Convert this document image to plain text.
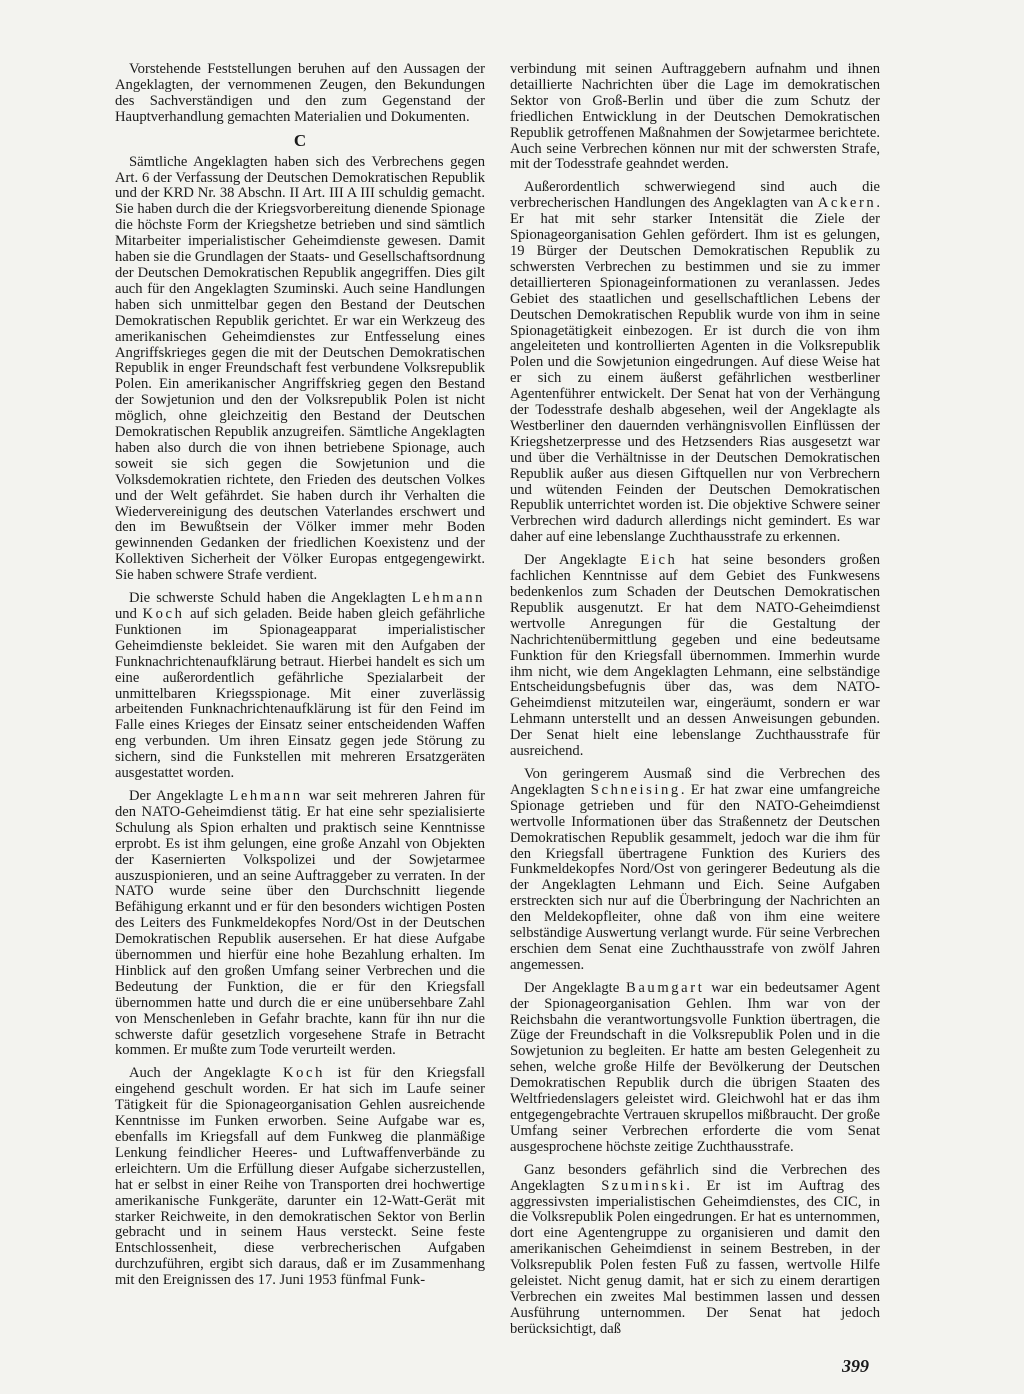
Vorstehende Feststellungen beruhen auf den Aussagen der Angeklagten, der vernommenen Zeugen, den Bekundungen des Sachverständigen und den zum Gegenstand der Hauptverhandlung gemachten Materialien und Dokumenten.

C

Sämtliche Angeklagten haben sich des Verbrechens gegen Art. 6 der Verfassung der Deutschen Demokratischen Republik und der KRD Nr. 38 Abschn. II Art. III A III schuldig gemacht. Sie haben durch die der Kriegsvorbereitung dienende Spionage die höchste Form der Kriegshetze betrieben und sind sämtlich Mitarbeiter imperialistischer Geheimdienste gewesen. Damit haben sie die Grundlagen der Staats- und Gesellschaftsordnung der Deutschen Demokratischen Republik angegriffen. Dies gilt auch für den Angeklagten Szuminski. Auch seine Handlungen haben sich unmittelbar gegen den Bestand der Deutschen Demokratischen Republik gerichtet. Er war ein Werkzeug des amerikanischen Geheimdienstes zur Entfesselung eines Angriffskrieges gegen die mit der Deutschen Demokratischen Republik in enger Freundschaft fest verbundene Volksrepublik Polen. Ein amerikanischer Angriffskrieg gegen den Bestand der Sowjetunion und den der Volksrepublik Polen ist nicht möglich, ohne gleichzeitig den Bestand der Deutschen Demokratischen Republik anzugreifen. Sämtliche Angeklagten haben also durch die von ihnen betriebene Spionage, auch soweit sie sich gegen die Sowjetunion und die Volksdemokratien richtete, den Frieden des deutschen Volkes und der Welt gefährdet. Sie haben durch ihr Verhalten die Wiedervereinigung des deutschen Vaterlandes erschwert und den im Bewußtsein der Völker immer mehr Boden gewinnenden Gedanken der friedlichen Koexistenz und der Kollektiven Sicherheit der Völker Europas entgegengewirkt. Sie haben schwere Strafe verdient.

Die schwerste Schuld haben die Angeklagten Lehmann und Koch auf sich geladen. Beide haben gleich gefährliche Funktionen im Spionageapparat imperialistischer Geheimdienste bekleidet. Sie waren mit den Aufgaben der Funknachrichtenaufklärung betraut. Hierbei handelt es sich um eine außerordentlich gefährliche Spezialarbeit der unmittelbaren Kriegsspionage. Mit einer zuverlässig arbeitenden Funknachrichtenaufklärung ist für den Feind im Falle eines Krieges der Einsatz seiner entscheidenden Waffen eng verbunden. Um ihren Einsatz gegen jede Störung zu sichern, sind die Funkstellen mit mehreren Ersatzgeräten ausgestattet worden.

Der Angeklagte Lehmann war seit mehreren Jahren für den NATO-Geheimdienst tätig. Er hat eine sehr spezialisierte Schulung als Spion erhalten und praktisch seine Kenntnisse erprobt. Es ist ihm gelungen, eine große Anzahl von Objekten der Kasernierten Volkspolizei und der Sowjetarmee auszuspionieren, und an seine Auftraggeber zu verraten. In der NATO wurde seine über den Durchschnitt liegende Befähigung erkannt und er für den besonders wichtigen Posten des Leiters des Funkmeldekopfes Nord/Ost in der Deutschen Demokratischen Republik ausersehen. Er hat diese Aufgabe übernommen und hierfür eine hohe Bezahlung erhalten. Im Hinblick auf den großen Umfang seiner Verbrechen und die Bedeutung der Funktion, die er für den Kriegsfall übernommen hatte und durch die er eine unübersehbare Zahl von Menschenleben in Gefahr brachte, kann für ihn nur die schwerste dafür gesetzlich vorgesehene Strafe in Betracht kommen. Er mußte zum Tode verurteilt werden.

Auch der Angeklagte Koch ist für den Kriegsfall eingehend geschult worden. Er hat sich im Laufe seiner Tätigkeit für die Spionageorganisation Gehlen ausreichende Kenntnisse im Funken erworben. Seine Aufgabe war es, ebenfalls im Kriegsfall auf dem Funkweg die planmäßige Lenkung feindlicher Heeres- und Luftwaffenverbände zu erleichtern. Um die Erfüllung dieser Aufgabe sicherzustellen, hat er selbst in einer Reihe von Transporten drei hochwertige amerikanische Funkgeräte, darunter ein 12-Watt-Gerät mit starker Reichweite, in den demokratischen Sektor von Berlin gebracht und in seinem Haus versteckt. Seine feste Entschlossenheit, diese verbrecherischen Aufgaben durchzuführen, ergibt sich daraus, daß er im Zusammenhang mit den Ereignissen des 17. Juni 1953 fünfmal Funk-

verbindung mit seinen Auftraggebern aufnahm und ihnen detaillierte Nachrichten über die Lage im demokratischen Sektor von Groß-Berlin und über die zum Schutz der friedlichen Entwicklung in der Deutschen Demokratischen Republik getroffenen Maßnahmen der Sowjetarmee berichtete. Auch seine Verbrechen können nur mit der schwersten Strafe, mit der Todesstrafe geahndet werden.

Außerordentlich schwerwiegend sind auch die verbrecherischen Handlungen des Angeklagten van Ackern. Er hat mit sehr starker Intensität die Ziele der Spionageorganisation Gehlen gefördert. Ihm ist es gelungen, 19 Bürger der Deutschen Demokratischen Republik zu schwersten Verbrechen zu bestimmen und sie zu immer detaillierteren Spionageinformationen zu veranlassen. Jedes Gebiet des staatlichen und gesellschaftlichen Lebens der Deutschen Demokratischen Republik wurde von ihm in seine Spionagetätigkeit einbezogen. Er ist durch die von ihm angeleiteten und kontrollierten Agenten in die Volksrepublik Polen und die Sowjetunion eingedrungen. Auf diese Weise hat er sich zu einem äußerst gefährlichen westberliner Agentenführer entwickelt. Der Senat hat von der Verhängung der Todesstrafe deshalb abgesehen, weil der Angeklagte als Westberliner den dauernden verhängnisvollen Einflüssen der Kriegshetzerpresse und des Hetzsenders Rias ausgesetzt war und über die Verhältnisse in der Deutschen Demokratischen Republik außer aus diesen Giftquellen nur von Verbrechern und wütenden Feinden der Deutschen Demokratischen Republik unterrichtet worden ist. Die objektive Schwere seiner Verbrechen wird dadurch allerdings nicht gemindert. Es war daher auf eine lebenslange Zuchthausstrafe zu erkennen.

Der Angeklagte Eich hat seine besonders großen fachlichen Kenntnisse auf dem Gebiet des Funkwesens bedenkenlos zum Schaden der Deutschen Demokratischen Republik ausgenutzt. Er hat dem NATO-Geheimdienst wertvolle Anregungen für die Gestaltung der Nachrichtenübermittlung gegeben und eine bedeutsame Funktion für den Kriegsfall übernommen. Immerhin wurde ihm nicht, wie dem Angeklagten Lehmann, eine selbständige Entscheidungsbefugnis über das, was dem NATO-Geheimdienst mitzuteilen war, eingeräumt, sondern er war Lehmann unterstellt und an dessen Anweisungen gebunden. Der Senat hielt eine lebenslange Zuchthausstrafe für ausreichend.

Von geringerem Ausmaß sind die Verbrechen des Angeklagten Schneising. Er hat zwar eine umfangreiche Spionage getrieben und für den NATO-Geheimdienst wertvolle Informationen über das Straßennetz der Deutschen Demokratischen Republik gesammelt, jedoch war die ihm für den Kriegsfall übertragene Funktion des Kuriers des Funkmeldekopfes Nord/Ost von geringerer Bedeutung als die der Angeklagten Lehmann und Eich. Seine Aufgaben erstreckten sich nur auf die Überbringung der Nachrichten an den Meldekopfleiter, ohne daß von ihm eine weitere selbständige Auswertung verlangt wurde. Für seine Verbrechen erschien dem Senat eine Zuchthausstrafe von zwölf Jahren angemessen.

Der Angeklagte Baumgart war ein bedeutsamer Agent der Spionageorganisation Gehlen. Ihm war von der Reichsbahn die verantwortungsvolle Funktion übertragen, die Züge der Freundschaft in die Volksrepublik Polen und in die Sowjetunion zu begleiten. Er hatte am besten Gelegenheit zu sehen, welche große Hilfe der Bevölkerung der Deutschen Demokratischen Republik durch die übrigen Staaten des Weltfriedenslagers geleistet wird. Gleichwohl hat er das ihm entgegengebrachte Vertrauen skrupellos mißbraucht. Der große Umfang seiner Verbrechen erforderte die vom Senat ausgesprochene höchste zeitige Zuchthausstrafe.

Ganz besonders gefährlich sind die Verbrechen des Angeklagten Szuminski. Er ist im Auftrag des aggressivsten imperialistischen Geheimdienstes, des CIC, in die Volksrepublik Polen eingedrungen. Er hat es unternommen, dort eine Agentengruppe zu organisieren und damit den amerikanischen Geheimdienst in seinem Bestreben, in der Volksrepublik Polen festen Fuß zu fassen, wertvolle Hilfe geleistet. Nicht genug damit, hat er sich zu einem derartigen Verbrechen ein zweites Mal bestimmen lassen und dessen Ausführung unternommen. Der Senat hat jedoch berücksichtigt, daß

399
